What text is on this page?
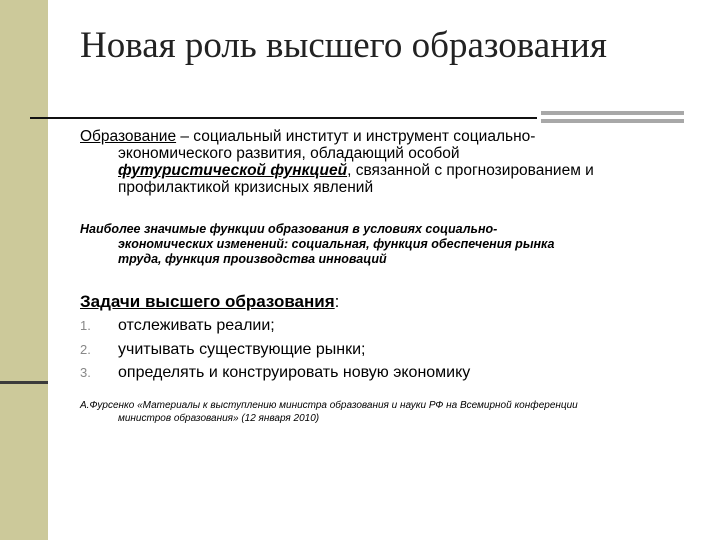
Новая роль высшего образования
Образование – социальный институт и инструмент социально-
экономического развития, обладающий особой
футуристической функцией, связанной с прогнозированием и
профилактикой кризисных явлений
Наиболее значимые функции образования в условиях социально-
экономических изменений: социальная, функция обеспечения рынка
труда, функция производства инноваций
Задачи высшего образования:
1. отслеживать реалии;
2. учитывать существующие рынки;
3. определять и конструировать новую экономику
А.Фурсенко «Материалы к выступлению министра образования и науки РФ на Всемирной конференции
министров образования» (12 января 2010)
